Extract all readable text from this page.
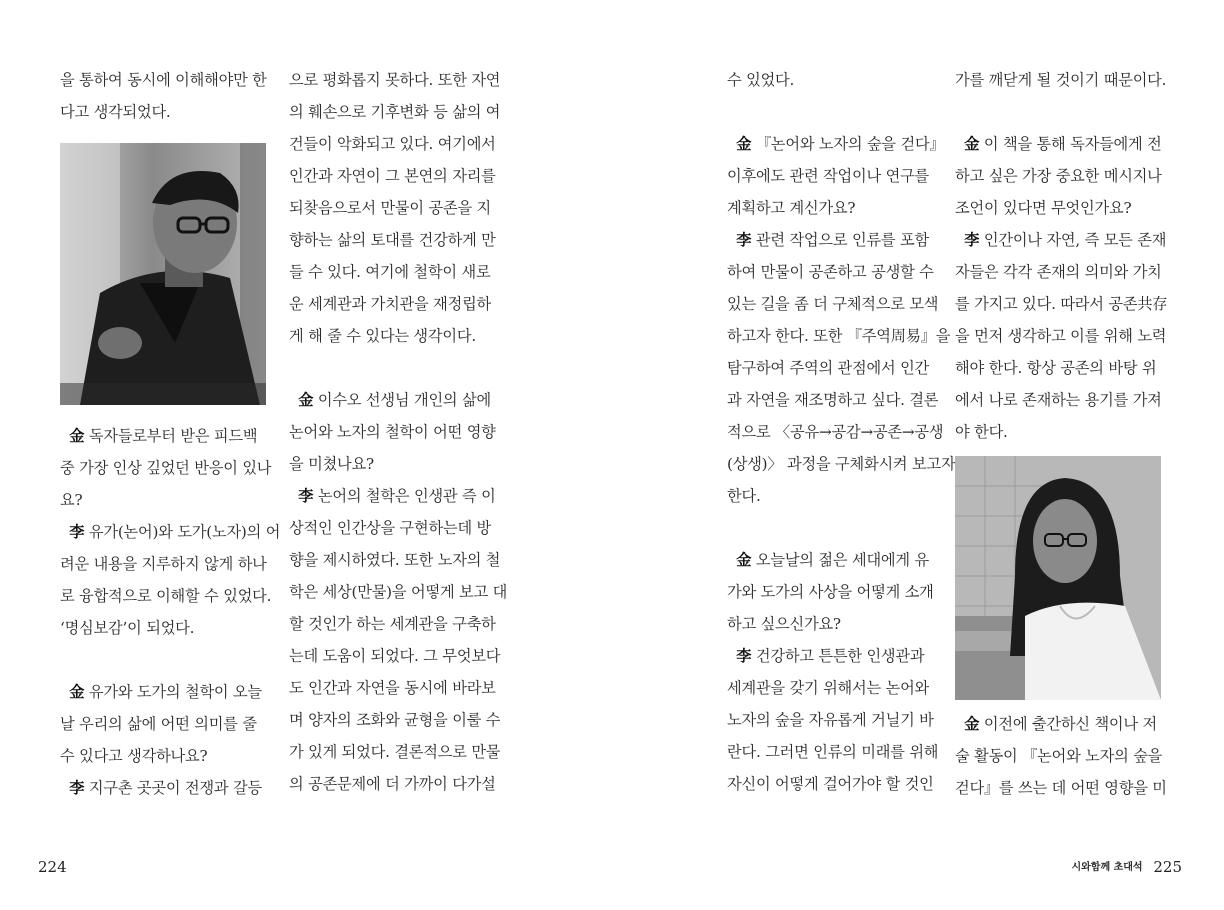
을 통하여 동시에 이해해야만 한
다고 생각되었다.
金 독자들로부터 받은 피드백
중 가장 인상 깊었던 반응이 있나
요?
李 유가(논어)와 도가(노자)의 어
려운 내용을 지루하지 않게 하나
로 융합적으로 이해할 수 있었다.
‘명심보감’이 되었다.
金 유가와 도가의 철학이 오늘
날 우리의 삶에 어떤 의미를 줄
수 있다고 생각하나요?
李 지구촌 곳곳이 전쟁과 갈등
으로 평화롭지 못하다. 또한 자연
의 훼손으로 기후변화 등 삶의 여
건들이 악화되고 있다. 여기에서
인간과 자연이 그 본연의 자리를
되찾음으로서 만물이 공존을 지
향하는 삶의 토대를 건강하게 만
들 수 있다. 여기에 철학이 새로
운 세계관과 가치관을 재정립하
게 해 줄 수 있다는 생각이다.
金 이수오 선생님 개인의 삶에
논어와 노자의 철학이 어떤 영향
을 미쳤나요?
李 논어의 철학은 인생관 즉 이
상적인 인간상을 구현하는데 방
향을 제시하였다. 또한 노자의 철
학은 세상(만물)을 어떻게 보고 대
할 것인가 하는 세계관을 구축하
는데 도움이 되었다. 그 무엇보다
도 인간과 자연을 동시에 바라보
며 양자의 조화와 균형을 이룰 수
가 있게 되었다. 결론적으로 만물
의 공존문제에 더 가까이 다가설
224
수 있었다.
金 『논어와 노자의 숲을 걷다』
이후에도 관련 작업이나 연구를
계획하고 계신가요?
李 관련 작업으로 인류를 포함
하여 만물이 공존하고 공생할 수
있는 길을 좀 더 구체적으로 모색
하고자 한다. 또한 『주역周易』을
탐구하여 주역의 관점에서 인간
과 자연을 재조명하고 싶다. 결론
적으로 〈공유→공감→공존→공생
(상생)〉 과정을 구체화시켜 보고자
한다.
金 오늘날의 젊은 세대에게 유
가와 도가의 사상을 어떻게 소개
하고 싶으신가요?
李 건강하고 튼튼한 인생관과
세계관을 갖기 위해서는 논어와
노자의 숲을 자유롭게 거닐기 바
란다. 그러면 인류의 미래를 위해
자신이 어떻게 걸어가야 할 것인
가를 깨닫게 될 것이기 때문이다.
金 이 책을 통해 독자들에게 전
하고 싶은 가장 중요한 메시지나
조언이 있다면 무엇인가요?
李 인간이나 자연, 즉 모든 존재
자들은 각각 존재의 의미와 가치
를 가지고 있다. 따라서 공존共存
을 먼저 생각하고 이를 위해 노력
해야 한다. 항상 공존의 바탕 위
에서 나로 존재하는 용기를 가져
야 한다.
金 이전에 출간하신 책이나 저
술 활동이 『논어와 노자의 숲을
걷다』를 쓰는 데 어떤 영향을 미
시와함께 초대석 225
